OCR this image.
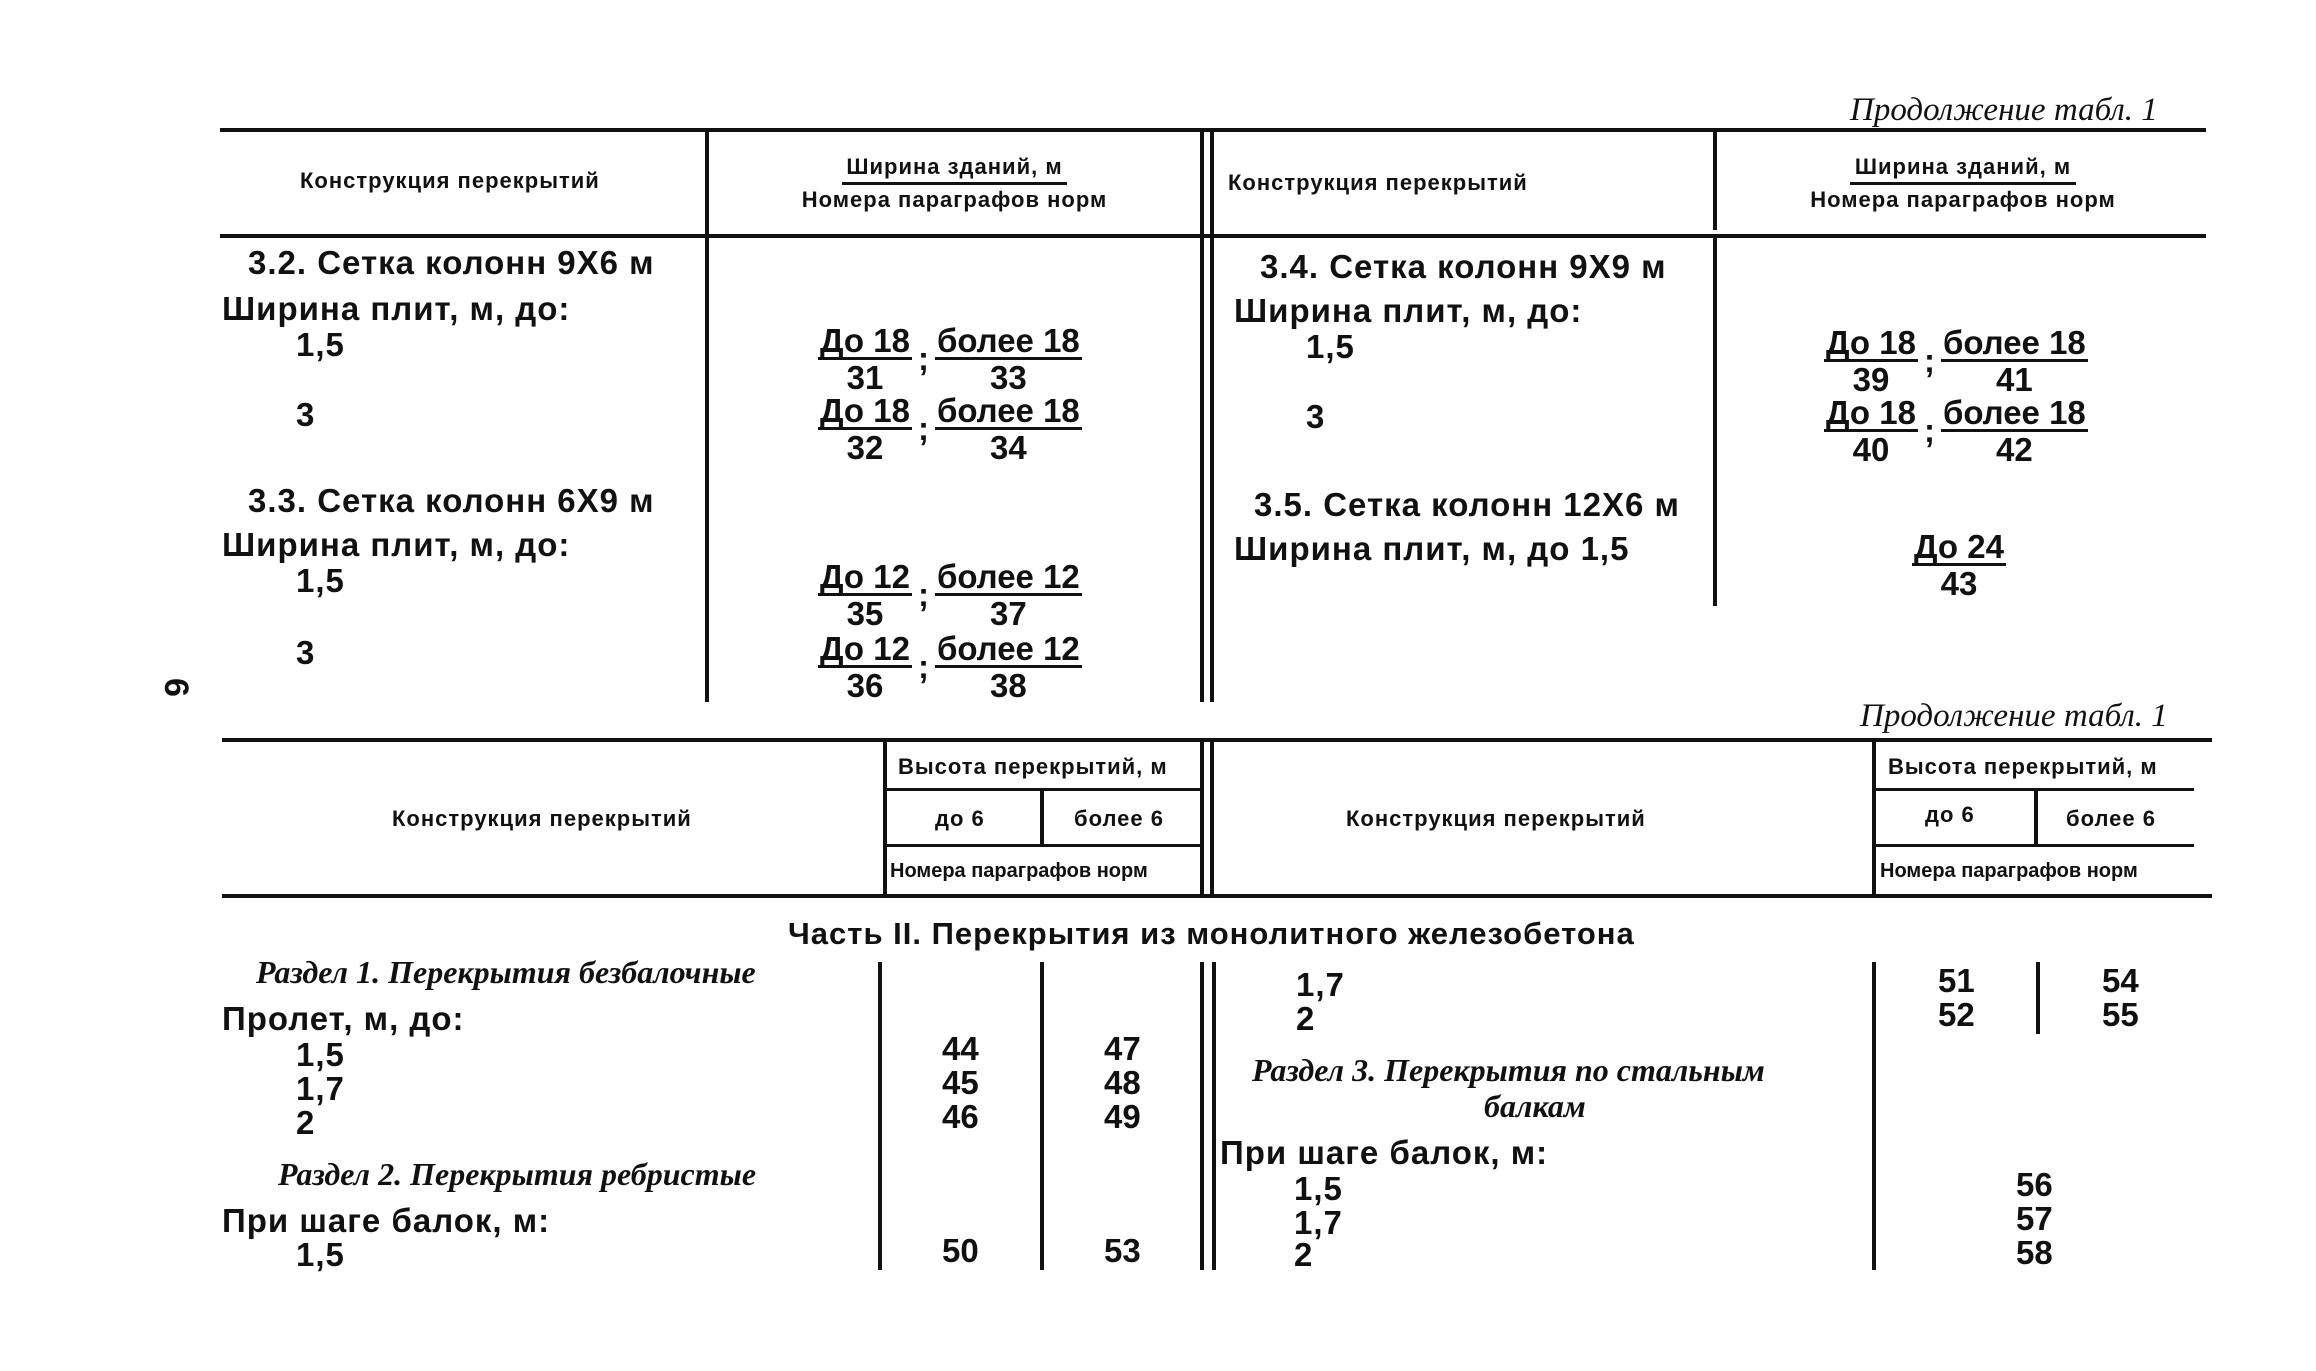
6
Продолжение табл. 1
Конструкция перекрытий
Ширина зданий, м
Номера параграфов норм
Конструкция перекрытий
Ширина зданий, м
Номера параграфов норм
3.2. Сетка колонн 9Х6 м
Ширина плит, м, до:
1,5	$\frac{До 18}{31}$ ; $\frac{\text{более 18}}{33}$
3	$\frac{До 18}{32}$ ; $\frac{\text{более 18}}{34}$
3.3. Сетка колонн 6Х9 м
Ширина плит, м, до:
1,5	$\frac{До 12}{35}$ ; $\frac{\text{более 12}}{37}$
3	$\frac{До 12}{36}$ ; $\frac{\text{более 12}}{38}$
3.4. Сетка колонн 9Х9 м
Ширина плит, м, до:
1,5	$\frac{До 18}{39}$ ; $\frac{\text{более 18}}{41}$
3	$\frac{До 18}{40}$ ; $\frac{\text{более 18}}{42}$
3.5. Сетка колонн 12Х6 м
Ширина плит, м, до 1,5	$\frac{До 24}{43}$
Продолжение табл. 1
Конструкция перекрытий
Высота перекрытий, м
до 6	более 6
Номера параграфов норм
Конструкция перекрытий
Высота перекрытий, м
до 6	более 6
Номера параграфов норм
Часть II. Перекрытия из монолитного железобетона
Раздел 1. Перекрытия безбалочные
Пролет, м, до:
1,5	44	47
1,7	45	48
2	46	49
Раздел 2. Перекрытия ребристые
При шаге балок, м:
1,5	50	53
1,7	51	54
2	52	55
Раздел 3. Перекрытия по стальным
балкам
При шаге балок, м:
1,5	56
1,7	57
2	58
